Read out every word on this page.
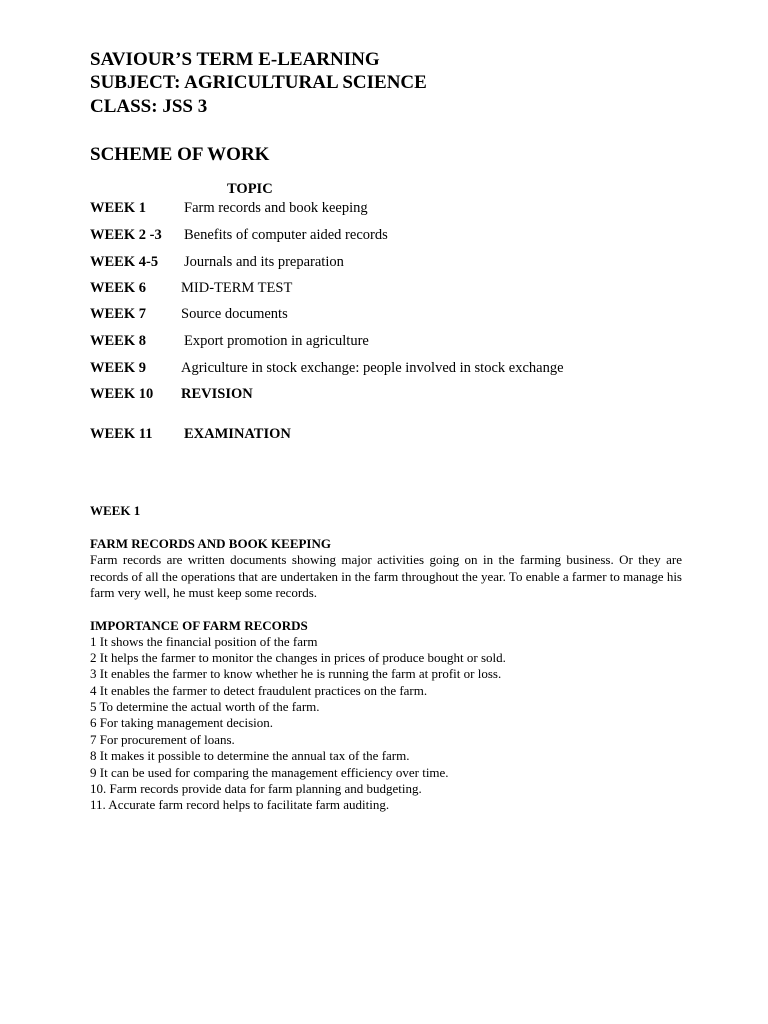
SAVIOUR’S TERM E-LEARNING
SUBJECT: AGRICULTURAL SCIENCE
CLASS: JSS 3
SCHEME OF WORK
TOPIC
WEEK 1	Farm records and book keeping
WEEK 2 -3 Benefits of computer aided records
WEEK 4-5 Journals and its preparation
WEEK 6 MID-TERM TEST
WEEK 7 Source documents
WEEK 8	Export promotion in agriculture
WEEK 9 Agriculture in stock exchange: people involved in stock exchange
WEEK 10 REVISION
WEEK 11 EXAMINATION
WEEK 1
FARM RECORDS AND BOOK KEEPING
Farm records are written documents showing major activities going on in the farming business. Or they are records of all the operations that are undertaken in the farm throughout the year. To enable a farmer to manage his farm very well, he must keep some records.
IMPORTANCE OF FARM RECORDS
1 It shows the financial position of the farm
2 It helps the farmer to monitor the changes in prices of produce bought or sold.
3 It enables the farmer to know whether he is running the farm at profit or loss.
4 It enables the farmer to detect fraudulent practices on the farm.
5 To determine the actual worth of the farm.
6 For taking management decision.
7 For procurement of loans.
8 It makes it possible to determine the annual tax of the farm.
9 It can be used for comparing the management efficiency over time.
10. Farm records provide data for farm planning and budgeting.
11. Accurate farm record helps to facilitate farm auditing.
